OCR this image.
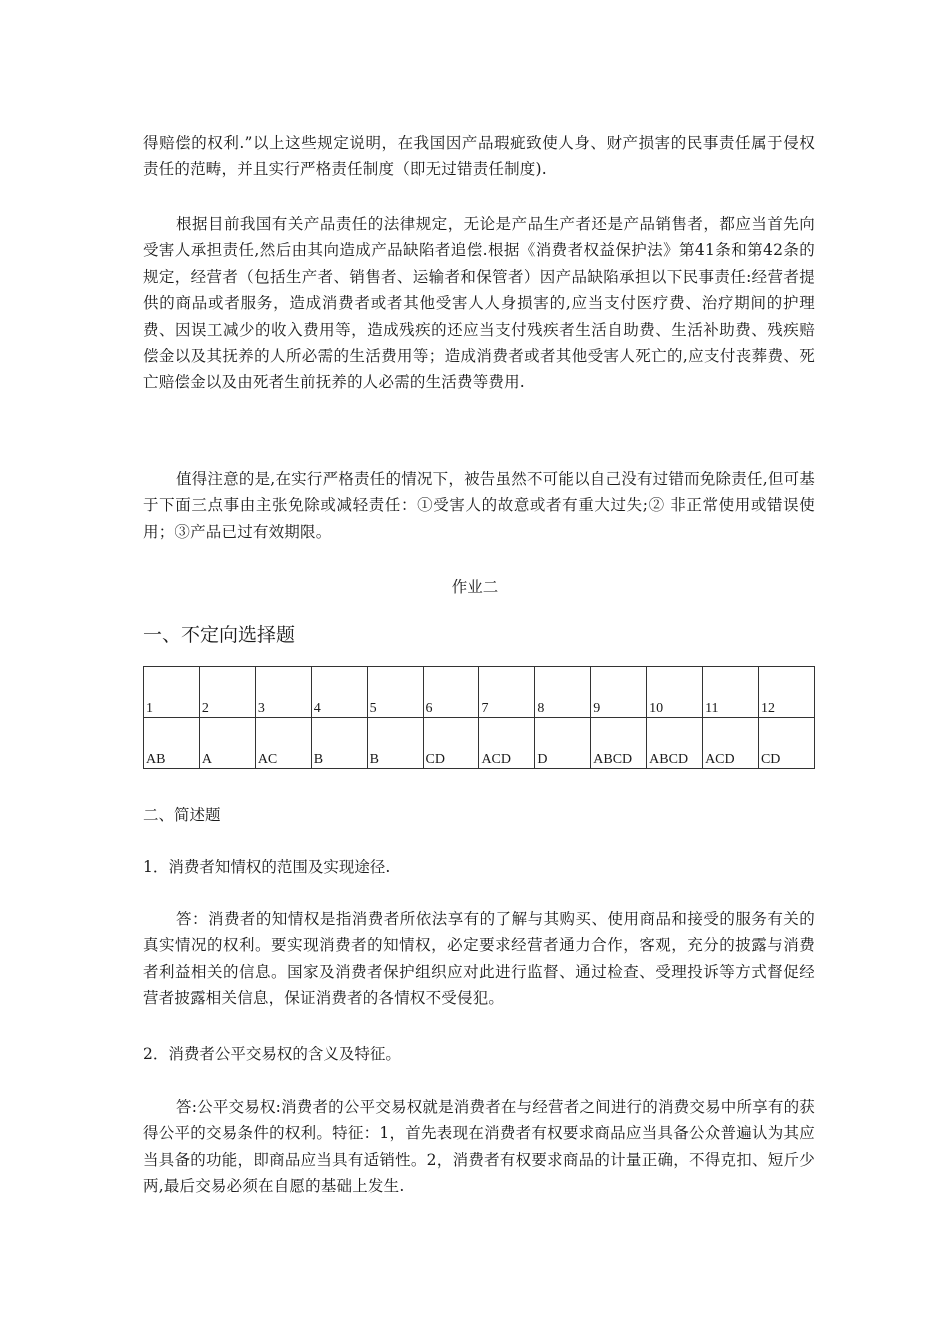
得赔偿的权利.”以上这些规定说明，在我国因产品瑕疵致使人身、财产损害的民事责任属于侵权责任的范畴，并且实行严格责任制度（即无过错责任制度).

根据目前我国有关产品责任的法律规定，无论是产品生产者还是产品销售者，都应当首先向受害人承担责任,然后由其向造成产品缺陷者追偿.根据《消费者权益保护法》第41条和第42条的规定，经营者（包括生产者、销售者、运输者和保管者）因产品缺陷承担以下民事责任:经营者提供的商品或者服务，造成消费者或者其他受害人人身损害的,应当支付医疗费、治疗期间的护理费、因误工减少的收入费用等，造成残疾的还应当支付残疾者生活自助费、生活补助费、残疾赔偿金以及其抚养的人所必需的生活费用等；造成消费者或者其他受害人死亡的,应支付丧葬费、死亡赔偿金以及由死者生前抚养的人必需的生活费等费用.

值得注意的是,在实行严格责任的情况下，被告虽然不可能以自己没有过错而免除责任,但可基于下面三点事由主张免除或减轻责任：①受害人的故意或者有重大过失;② 非正常使用或错误使用；③产品已过有效期限。

作业二

一、不定向选择题

1	2	3	4	5	6	7	8	9	10	11	12
AB	A	AC	B	B	CD	ACD	D	ABCD	ABCD	ACD	CD

二、简述题

1．消费者知情权的范围及实现途径.

答：消费者的知情权是指消费者所依法享有的了解与其购买、使用商品和接受的服务有关的真实情况的权利。要实现消费者的知情权，必定要求经营者通力合作，客观，充分的披露与消费者利益相关的信息。国家及消费者保护组织应对此进行监督、通过检查、受理投诉等方式督促经营者披露相关信息，保证消费者的各情权不受侵犯。

2．消费者公平交易权的含义及特征。

答:公平交易权:消费者的公平交易权就是消费者在与经营者之间进行的消费交易中所享有的获得公平的交易条件的权利。特征：1，首先表现在消费者有权要求商品应当具备公众普遍认为其应当具备的功能，即商品应当具有适销性。2，消费者有权要求商品的计量正确，不得克扣、短斤少两,最后交易必须在自愿的基础上发生.
